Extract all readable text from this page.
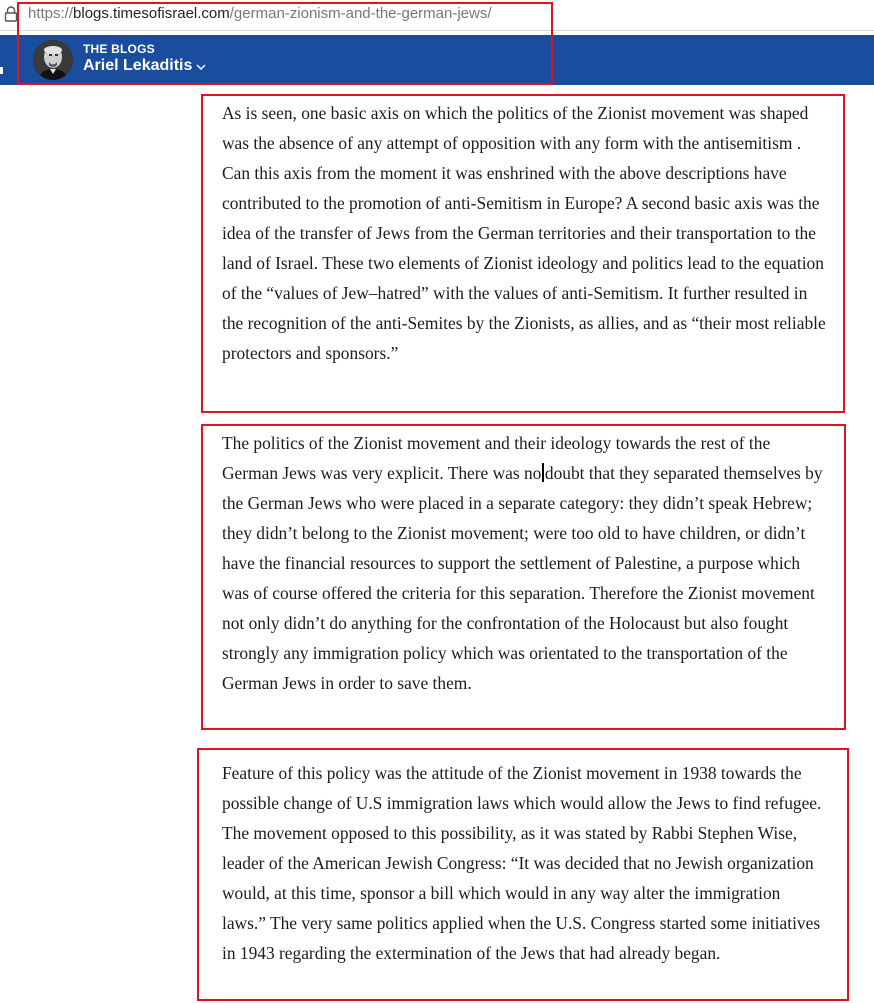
https://blogs.timesofisrael.com/german-zionism-and-the-german-jews/
THE BLOGS
Ariel Lekaditis

As is seen, one basic axis on which the politics of the Zionist movement was shaped was the absence of any attempt of opposition with any form with the antisemitism . Can this axis from the moment it was enshrined with the above descriptions have contributed to the promotion of anti-Semitism in Europe? A second basic axis was the idea of the transfer of Jews from the German territories and their transportation to the land of Israel. These two elements of Zionist ideology and politics lead to the equation of the “values of Jew–hatred” with the values of anti-Semitism. It further resulted in the recognition of the anti-Semites by the Zionists, as allies, and as “their most reliable protectors and sponsors.”

The politics of the Zionist movement and their ideology towards the rest of the German Jews was very explicit. There was no doubt that they separated themselves by the German Jews who were placed in a separate category: they didn’t speak Hebrew; they didn’t belong to the Zionist movement; were too old to have children, or didn’t have the financial resources to support the settlement of Palestine, a purpose which was of course offered the criteria for this separation. Therefore the Zionist movement not only didn’t do anything for the confrontation of the Holocaust but also fought strongly any immigration policy which was orientated to the transportation of the German Jews in order to save them.

Feature of this policy was the attitude of the Zionist movement in 1938 towards the possible change of U.S immigration laws which would allow the Jews to find refugee. The movement opposed to this possibility, as it was stated by Rabbi Stephen Wise, leader of the American Jewish Congress: “It was decided that no Jewish organization would, at this time, sponsor a bill which would in any way alter the immigration laws.” The very same politics applied when the U.S. Congress started some initiatives in 1943 regarding the extermination of the Jews that had already began.
